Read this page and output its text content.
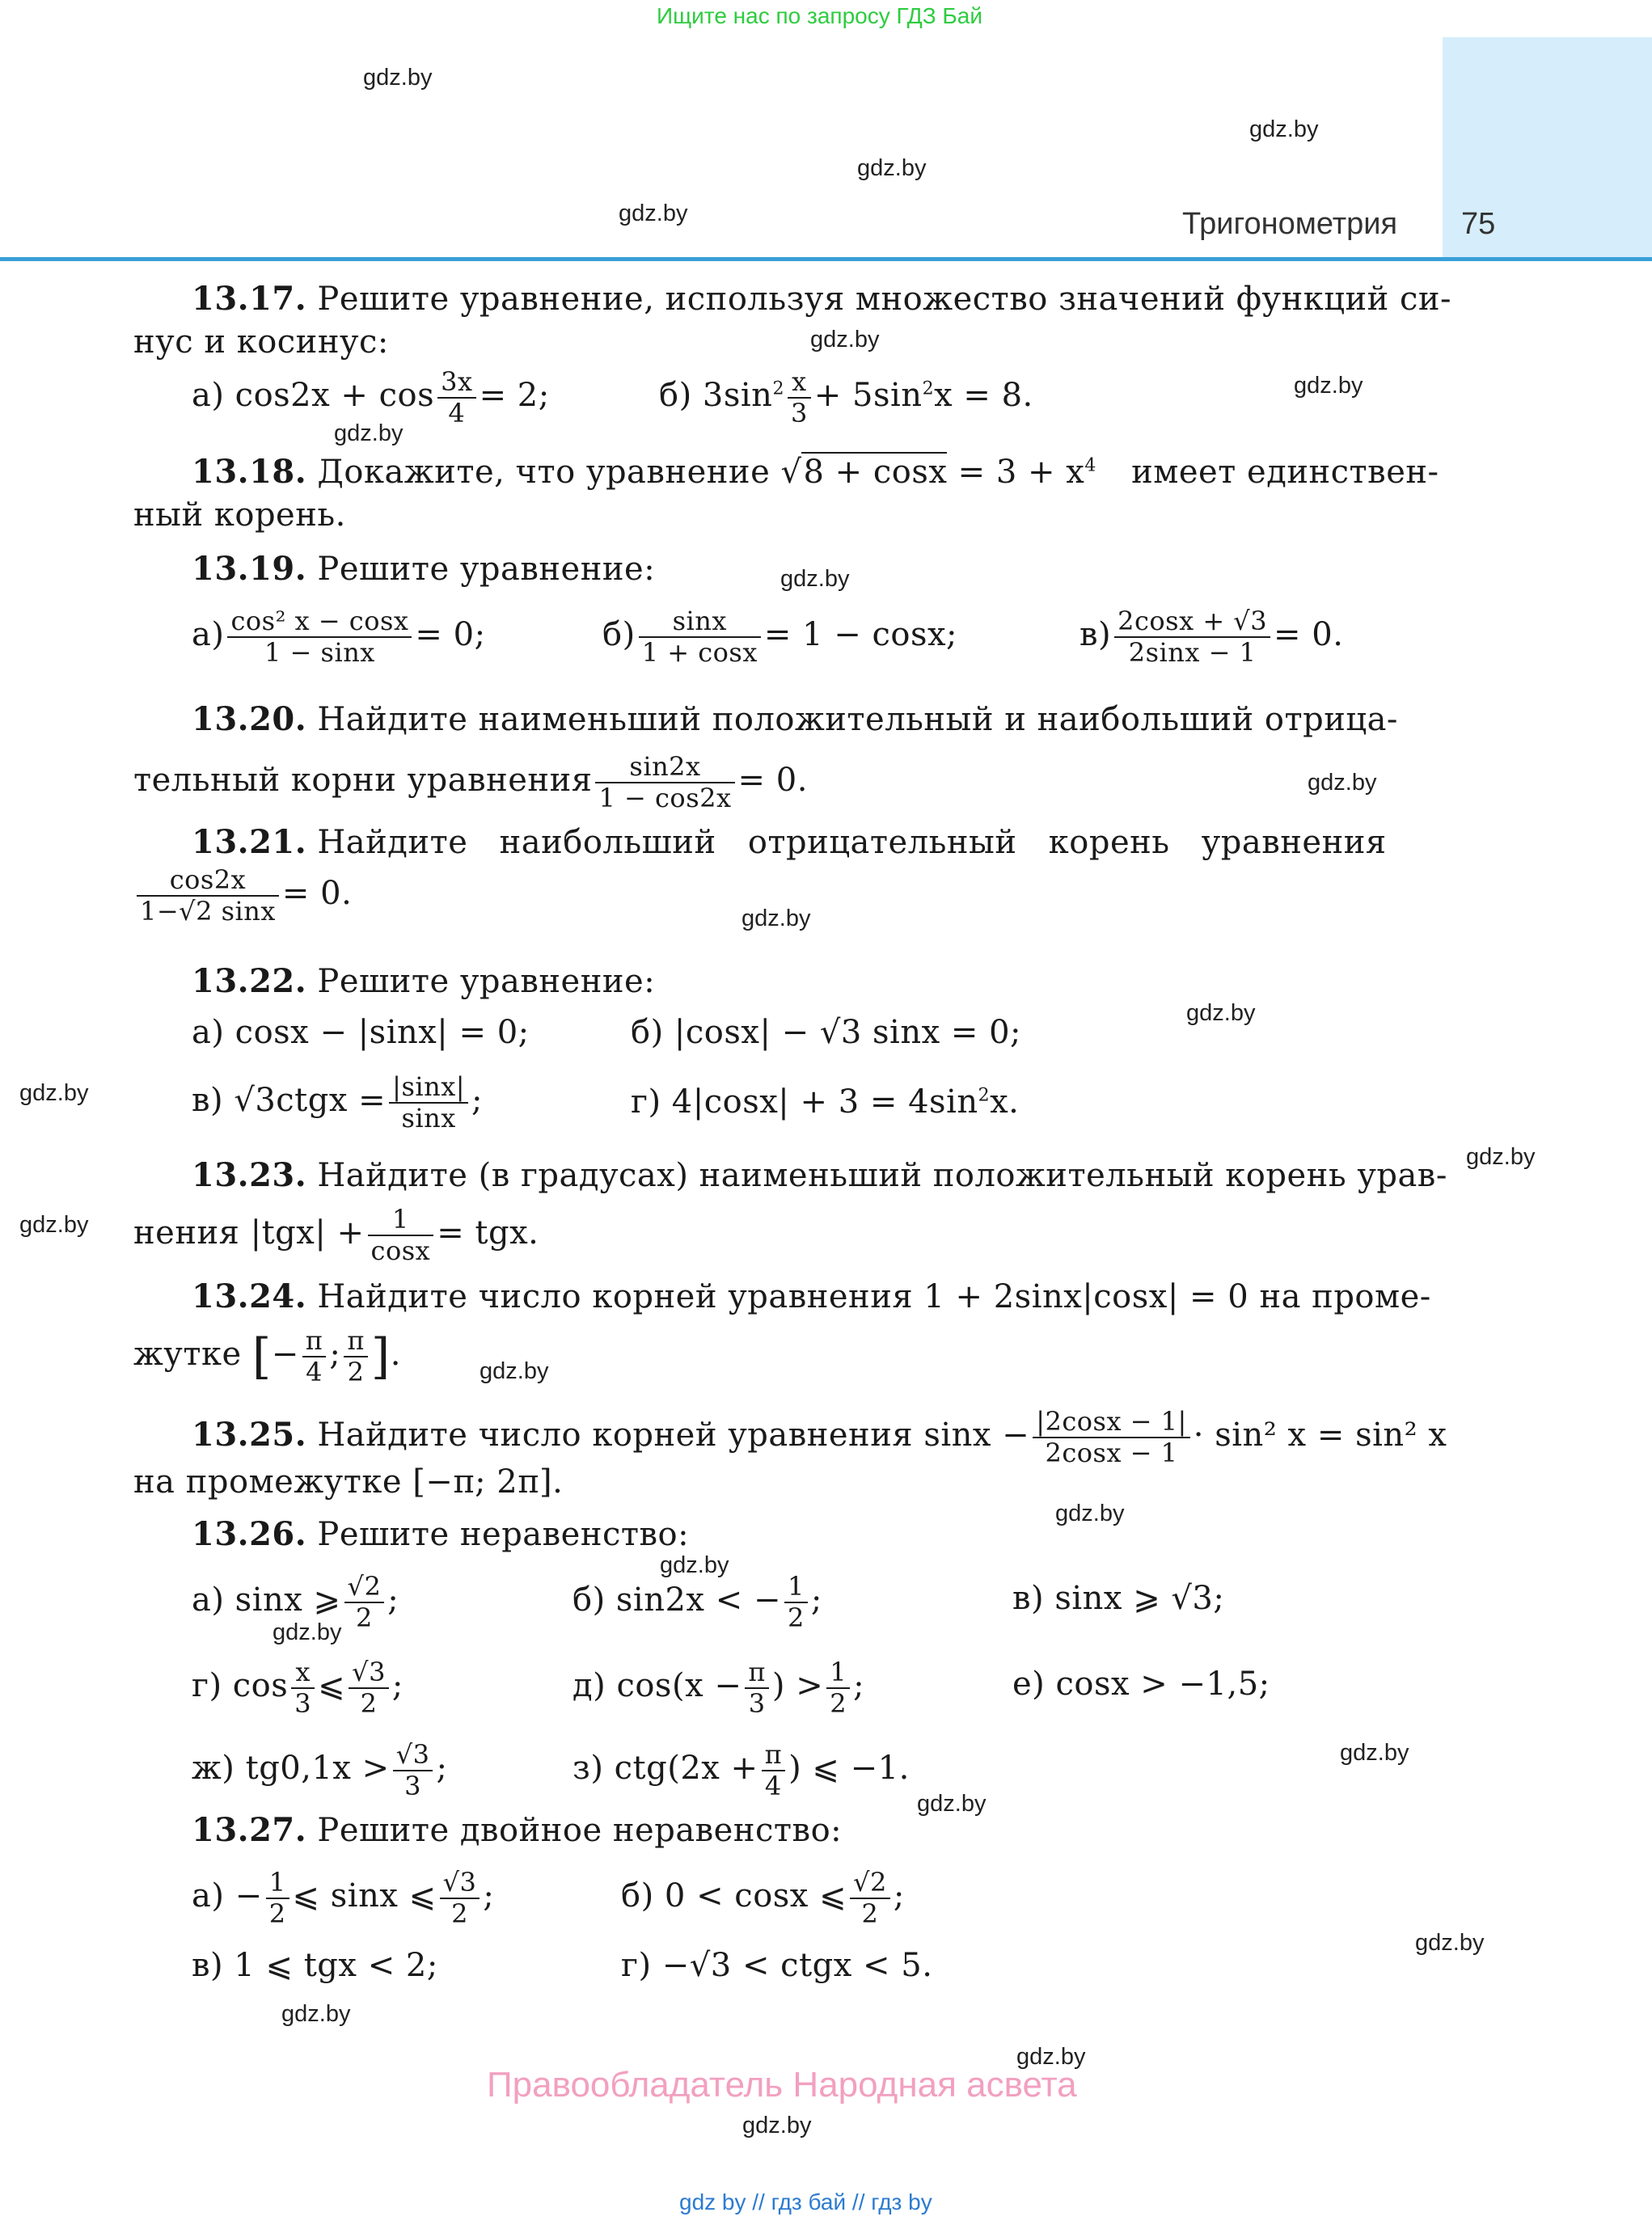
Ищите нас по запросу ГДЗ Бай
Тригонометрия 75
gdz.by
gdz.by
gdz.by
gdz.by
gdz.by
gdz.by
gdz.by
gdz.by
gdz.by
gdz.by
gdz.by
gdz.by
gdz.by
gdz.by
gdz.by
gdz.by
gdz.by
gdz.by
gdz.by
gdz.by
gdz.by
gdz.by
gdz.by
gdz.by
13.17. Решите уравнение, используя множество значений функций си-
нус и косинус:
а) $\cos 2x + \cos \frac{3x}{4} = 2$;	б) $3\sin^2 \frac{x}{3} + 5\sin^2x = 8$.
13.18. Докажите, что уравнение $√8 + \cos x = 3 + x^4$ имеет единствен-
ный корень.
13.19. Решите уравнение:
$а) \frac{\text{cos² x − cosx}}{1 - \sin x} = 0$;	$б) \frac{\sin x}{1 + \cos x} = 1 - \cos x$;	$в) \frac{2\cos x + √3}{2\sin x - 1} = 0$.
13.20. Найдите наименьший положительный и наибольший отрица-
тельный корни уравнения $\frac{\sin 2x}{1 - \cos 2x} = 0$.
13.21. Найдите наибольший отрицательный корень уравнения
$\frac{\cos 2x}{1-√2 \sin x} = 0$.
13.22. Решите уравнение:
а) cosx − |sinx| = 0;	б) |cosx| − √3 sinx = 0;
в) √3ctgx = $\frac{|\sin x|}{\sin x}$ ;	г) $4|\cos x| + 3 = 4\sin^2x$.
13.23. Найдите (в градусах) наименьший положительный корень урав-
нения $|tgx| + \frac{1}{\cos x}$ = tgx.
13.24. Найдите число корней уравнения 1 + 2sinx|cosx| = 0 на проме-
жутке [− $\frac{\pi}{4}$ ; $\frac{\pi}{2}$ ].
13.25. Найдите число корней уравнения $\sin x - \frac{|2\cos x - 1|}{2\cos x - 1} \cdot \sin^2$ x = sin² x
на промежутке [−π; 2π].
13.26. Решите неравенство:
а) sinx ⩾ $\frac{√2}{2}$ ;	б) sin2x < − $\frac{1}{2}$ ;	в) sinx ⩾ √3;
г) $\cos \frac{x}{3}$ ⩽ $\frac{√3}{2}$ ;	д) $\cos(x - \frac{\pi}{3}$ ) > $\frac{1}{2}$ ;	е) cosx > −1,5;
ж) $tg0,1x > \frac{√3}{3}$ ;	з) $ctg(2x + \frac{\pi}{4}$ ) ⩽ −1.
13.27. Решите двойное неравенство:
$а) - \frac{1}{2}$ ⩽ sinx ⩽ $\frac{√3}{2}$ ;	б) 0 < cosx ⩽ $\frac{√2}{2}$ ;
в) 1 ⩽ tgx < 2;	г) −√3 < ctgx < 5.
Правообладатель Народная асвета
gdz by // гдз бай // гдз by
